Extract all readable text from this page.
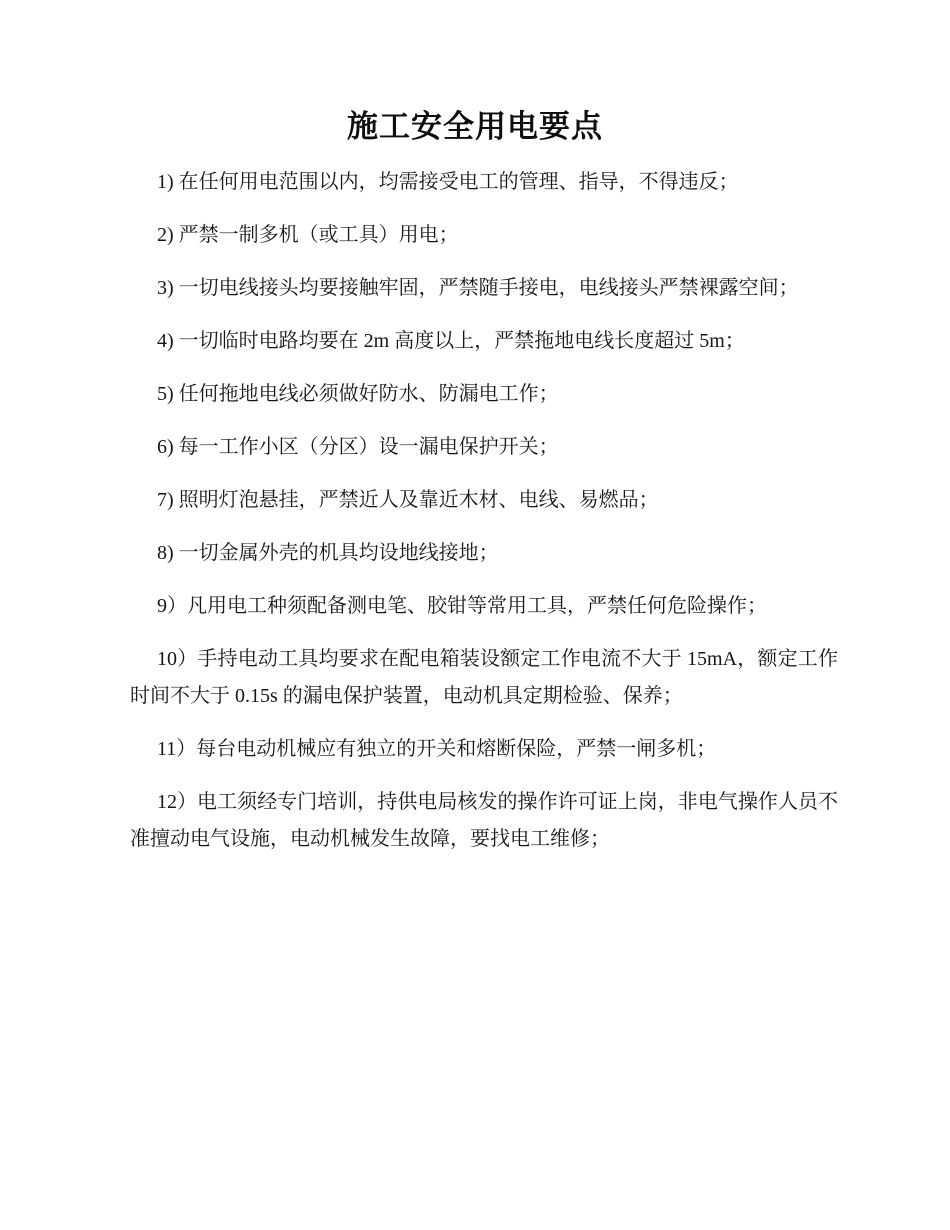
施工安全用电要点

1) 在任何用电范围以内，均需接受电工的管理、指导，不得违反；

2) 严禁一制多机（或工具）用电；

3) 一切电线接头均要接触牢固，严禁随手接电，电线接头严禁裸露空间；

4) 一切临时电路均要在 2m 高度以上，严禁拖地电线长度超过 5m；

5) 任何拖地电线必须做好防水、防漏电工作；

6) 每一工作小区（分区）设一漏电保护开关；

7) 照明灯泡悬挂，严禁近人及靠近木材、电线、易燃品；

8) 一切金属外壳的机具均设地线接地；

9）凡用电工种须配备测电笔、胶钳等常用工具，严禁任何危险操作；

10）手持电动工具均要求在配电箱装设额定工作电流不大于 15mA，额定工作时间不大于 0.15s 的漏电保护装置，电动机具定期检验、保养；

11）每台电动机械应有独立的开关和熔断保险，严禁一闸多机；

12）电工须经专门培训，持供电局核发的操作许可证上岗，非电气操作人员不准擅动电气设施，电动机械发生故障，要找电工维修；
